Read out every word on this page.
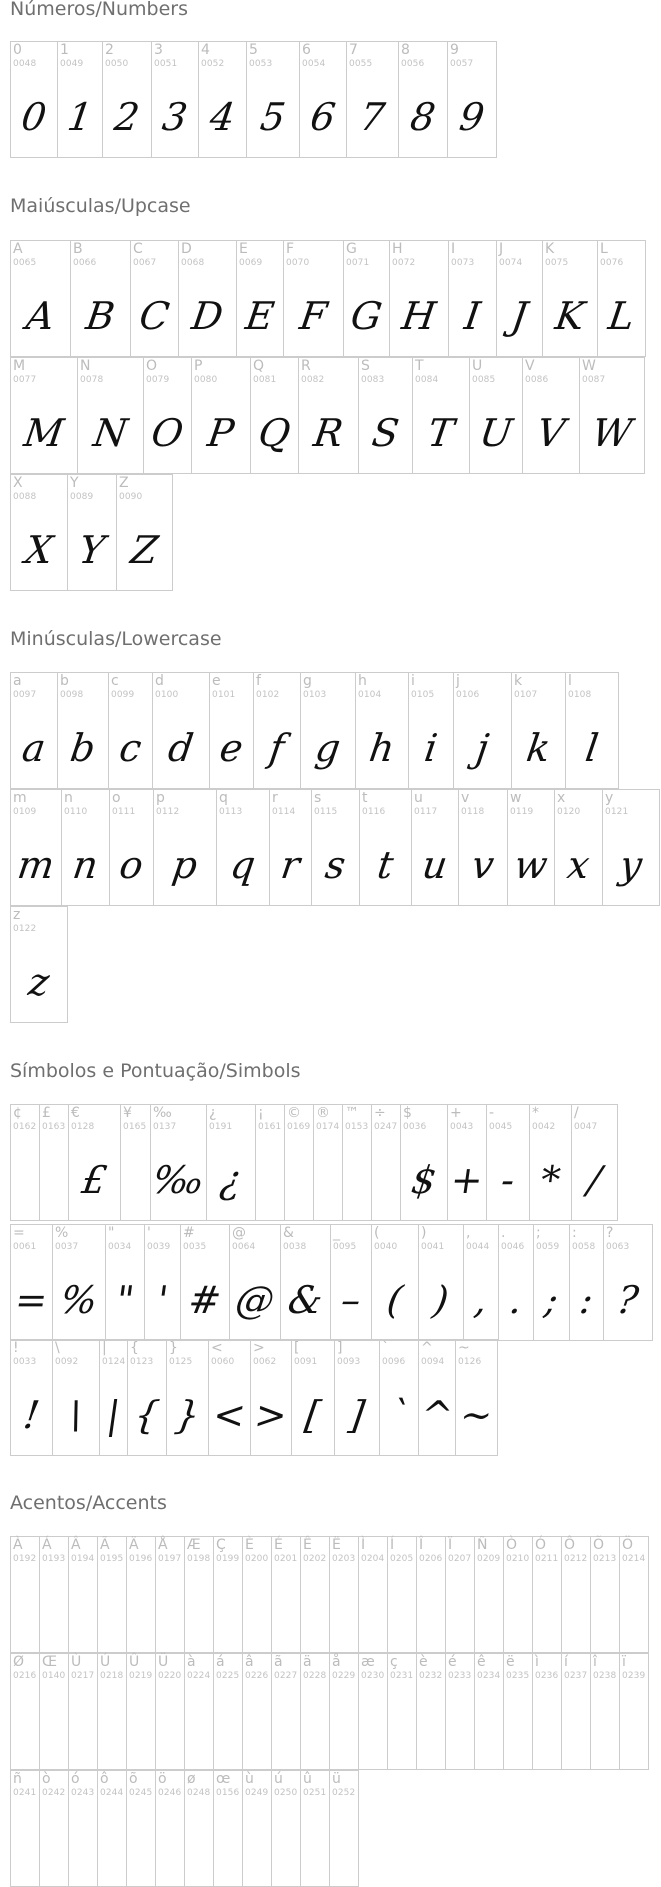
Números/Numbers
Maiúsculas/Upcase
Minúsculas/Lowercase
Símbolos e Pontuação/Simbols
Acentos/Accents
0
0048
0
1
0049
1
2
0050
2
3
0051
3
4
0052
4
5
0053
5
6
0054
6
7
0055
7
8
0056
8
9
0057
9
A
0065
A
B
0066
B
C
0067
C
D
0068
D
E
0069
E
F
0070
F
G
0071
G
H
0072
H
I
0073
I
J
0074
J
K
0075
K
L
0076
L
M
0077
M
N
0078
N
O
0079
O
P
0080
P
Q
0081
Q
R
0082
R
S
0083
S
T
0084
T
U
0085
U
V
0086
V
W
0087
W
X
0088
X
Y
0089
Y
Z
0090
Z
a
0097
a
b
0098
b
c
0099
c
d
0100
d
e
0101
e
f
0102
f
g
0103
g
h
0104
h
i
0105
i
j
0106
j
k
0107
k
l
0108
l
m
0109
m
n
0110
n
o
0111
o
p
0112
p
q
0113
q
r
0114
r
s
0115
s
t
0116
t
u
0117
u
v
0118
v
w
0119
w
x
0120
x
y
0121
y
z
0122
z
¢
0162
£
0163
€
0128
£
¥
0165
‰
0137
‰
¿
0191
¿
¡
0161
©
0169
®
0174
™
0153
÷
0247
$
0036
$
+
0043
+
-
0045
-
*
0042
*
/
0047
/
=
0061
=
%
0037
%
"
0034
"
'
0039
'
#
0035
#
@
0064
@
&
0038
&
_
0095
–
(
0040
(
)
0041
)
,
0044
,
.
0046
.
;
0059
;
:
0058
:
?
0063
?
!
0033
!
\
0092
\
|
0124
|
{
0123
{
}
0125
}
<
0060
<
>
0062
>
[
0091
[
]
0093
]
`
0096
`
^
0094
^
~
0126
~
À
0192
Á
0193
Â
0194
Ã
0195
Ä
0196
Å
0197
Æ
0198
Ç
0199
È
0200
É
0201
Ê
0202
Ë
0203
Ì
0204
Í
0205
Î
0206
Ï
0207
Ñ
0209
Ò
0210
Ó
0211
Ô
0212
Õ
0213
Ö
0214
Ø
0216
Œ
0140
Ù
0217
Ú
0218
Û
0219
Ü
0220
à
0224
á
0225
â
0226
ã
0227
ä
0228
å
0229
æ
0230
ç
0231
è
0232
é
0233
ê
0234
ë
0235
ì
0236
í
0237
î
0238
ï
0239
ñ
0241
ò
0242
ó
0243
ô
0244
õ
0245
ö
0246
ø
0248
œ
0156
ù
0249
ú
0250
û
0251
ü
0252
